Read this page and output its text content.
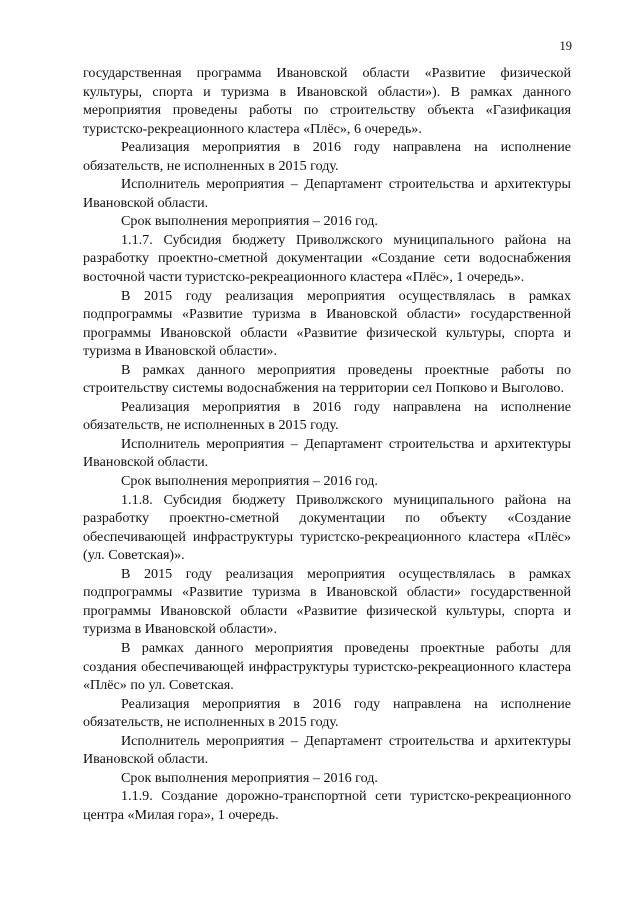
19

государственная программа Ивановской области «Развитие физической культуры, спорта и туризма в Ивановской области»). В рамках данного мероприятия проведены работы по строительству объекта «Газификация туристско-рекреационного кластера «Плёс», 6 очередь».

Реализация мероприятия в 2016 году направлена на исполнение обязательств, не исполненных в 2015 году.

Исполнитель мероприятия – Департамент строительства и архитектуры Ивановской области.

Срок выполнения мероприятия – 2016 год.

1.1.7. Субсидия бюджету Приволжского муниципального района на разработку проектно-сметной документации «Создание сети водоснабжения восточной части туристско-рекреационного кластера «Плёс», 1 очередь».

В 2015 году реализация мероприятия осуществлялась в рамках подпрограммы «Развитие туризма в Ивановской области» государственной программы Ивановской области «Развитие физической культуры, спорта и туризма в Ивановской области».

В рамках данного мероприятия проведены проектные работы по строительству системы водоснабжения на территории сел Попково и Выголово.

Реализация мероприятия в 2016 году направлена на исполнение обязательств, не исполненных в 2015 году.

Исполнитель мероприятия – Департамент строительства и архитектуры Ивановской области.

Срок выполнения мероприятия – 2016 год.

1.1.8. Субсидия бюджету Приволжского муниципального района на разработку проектно-сметной документации по объекту «Создание обеспечивающей инфраструктуры туристско-рекреационного кластера «Плёс» (ул. Советская)».

В 2015 году реализация мероприятия осуществлялась в рамках подпрограммы «Развитие туризма в Ивановской области» государственной программы Ивановской области «Развитие физической культуры, спорта и туризма в Ивановской области».

В рамках данного мероприятия проведены проектные работы для создания обеспечивающей инфраструктуры туристско-рекреационного кластера «Плёс» по ул. Советская.

Реализация мероприятия в 2016 году направлена на исполнение обязательств, не исполненных в 2015 году.

Исполнитель мероприятия – Департамент строительства и архитектуры Ивановской области.

Срок выполнения мероприятия – 2016 год.

1.1.9. Создание дорожно-транспортной сети туристско-рекреационного центра «Милая гора», 1 очередь.
